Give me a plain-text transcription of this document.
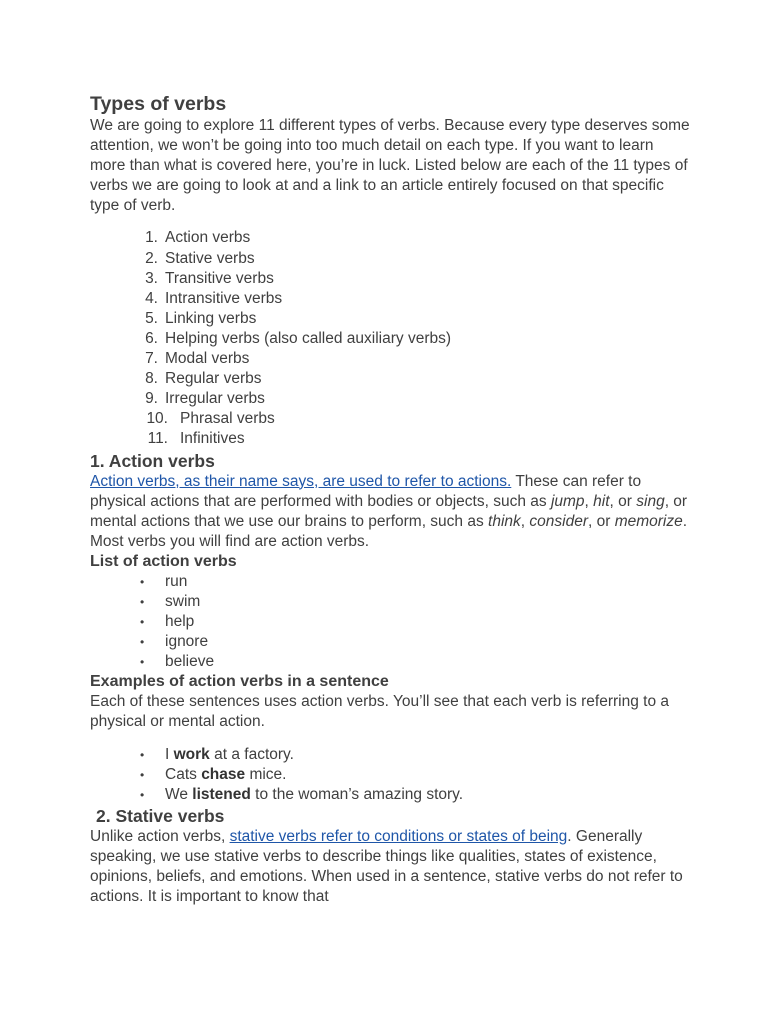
Types of verbs

We are going to explore 11 different types of verbs. Because every type deserves some attention, we won’t be going into too much detail on each type. If you want to learn more than what is covered here, you’re in luck. Listed below are each of the 11 types of verbs we are going to look at and a link to an article entirely focused on that specific type of verb.

1. Action verbs
2. Stative verbs
3. Transitive verbs
4. Intransitive verbs
5. Linking verbs
6. Helping verbs (also called auxiliary verbs)
7. Modal verbs
8. Regular verbs
9. Irregular verbs
10. Phrasal verbs
11. Infinitives
1. Action verbs

Action verbs, as their name says, are used to refer to actions. These can refer to physical actions that are performed with bodies or objects, such as jump, hit, or sing, or mental actions that we use our brains to perform, such as think, consider, or memorize. Most verbs you will find are action verbs.

List of action verbs
• run
• swim
• help
• ignore
• believe
Examples of action verbs in a sentence

Each of these sentences uses action verbs. You’ll see that each verb is referring to a physical or mental action.

• I work at a factory.
• Cats chase mice.
• We listened to the woman’s amazing story.
2. Stative verbs

Unlike action verbs, stative verbs refer to conditions or states of being. Generally speaking, we use stative verbs to describe things like qualities, states of existence, opinions, beliefs, and emotions. When used in a sentence, stative verbs do not refer to actions. It is important to know that
